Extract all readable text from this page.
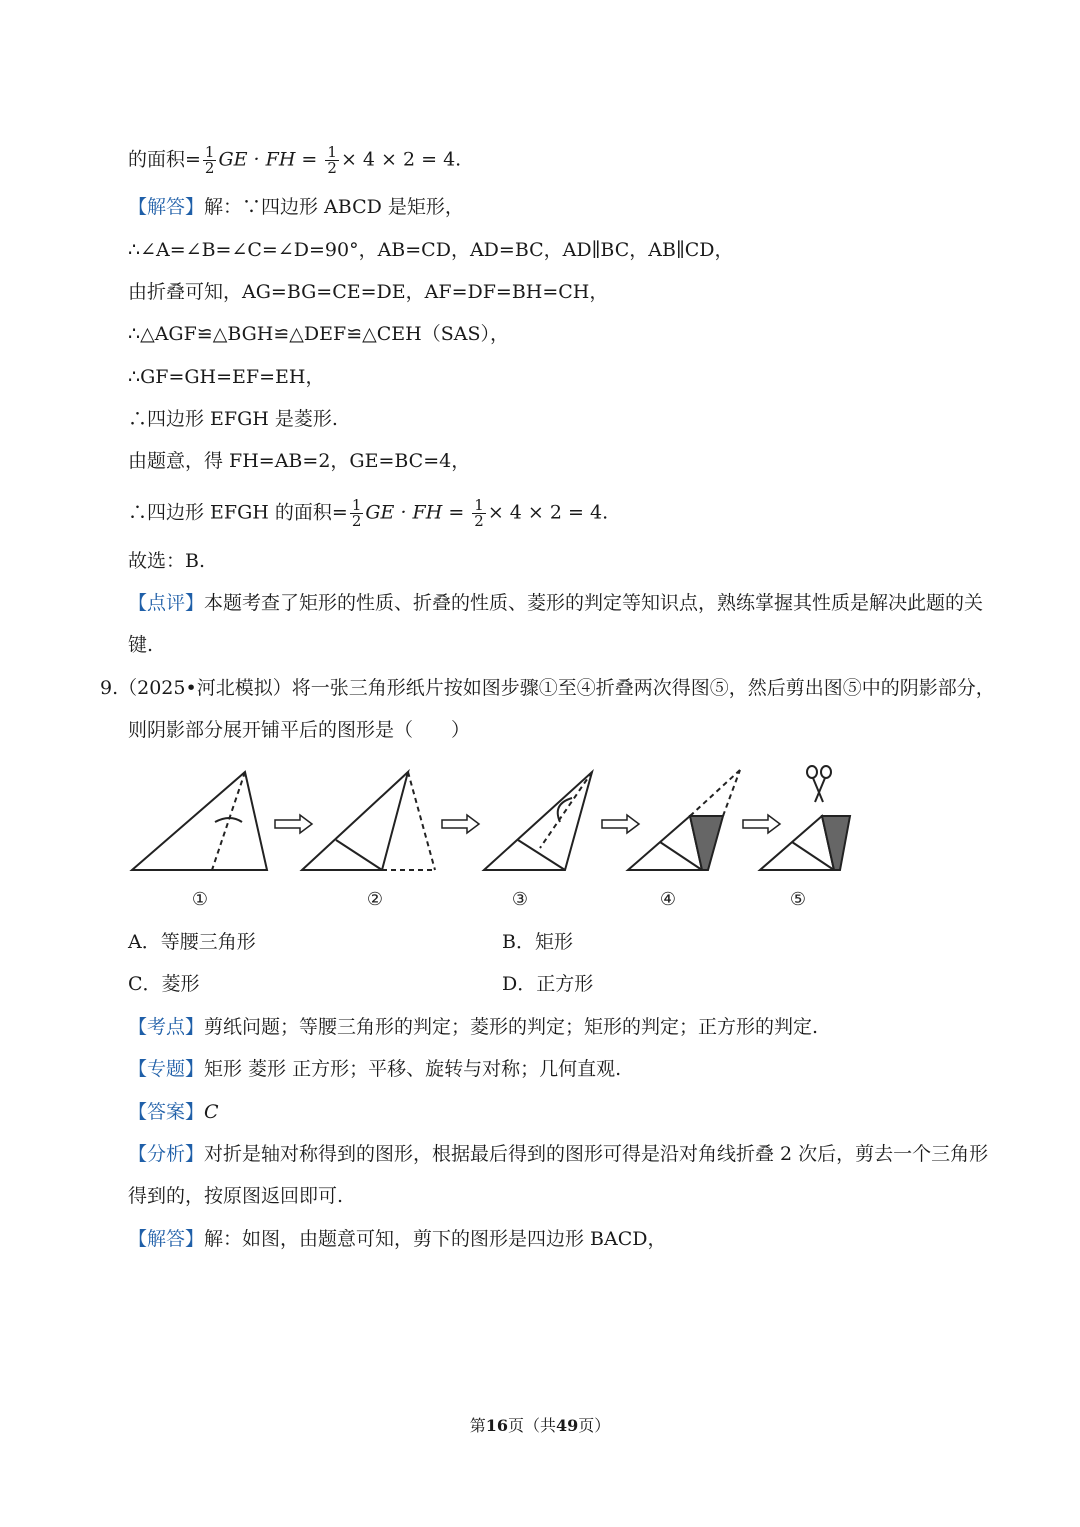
的面积= $\frac{1}{2}$ GE · FH = $\frac{1}{2} \times 4 \times 2 = 4$.
【解答】解：∵四边形 ABCD 是矩形，
∴∠A=∠B=∠C=∠D=90°，AB=CD，AD=BC，AD∥BC，AB∥CD，
由折叠可知，AG=BG=CE=DE，AF=DF=BH=CH，
∴△AGF≌△BGH≌△DEF≌△CEH（SAS），
∴GF=GH=EF=EH，
∴四边形 EFGH 是菱形.
由题意，得 FH=AB=2，GE=BC=4，
∴四边形 EFGH 的面积= $\frac{1}{2}$ GE · FH = $\frac{1}{2} \times 4 \times 2 = 4$.
故选：B.
【点评】本题考查了矩形的性质、折叠的性质、菱形的判定等知识点，熟练掌握其性质是解决此题的关
键.
9.（2025•河北模拟）将一张三角形纸片按如图步骤①至④折叠两次得图⑤，然后剪出图⑤中的阴影部分，
则阴影部分展开铺平后的图形是（　　）
①	②	③	④	⑤
A．等腰三角形	B．矩形
C．菱形	D．正方形
【考点】剪纸问题；等腰三角形的判定；菱形的判定；矩形的判定；正方形的判定.
【专题】矩形 菱形 正方形；平移、旋转与对称；几何直观.
【答案】C
【分析】对折是轴对称得到的图形，根据最后得到的图形可得是沿对角线折叠 2 次后，剪去一个三角形
得到的，按原图返回即可.
【解答】解：如图，由题意可知，剪下的图形是四边形 BACD，
第16页（共49页）
